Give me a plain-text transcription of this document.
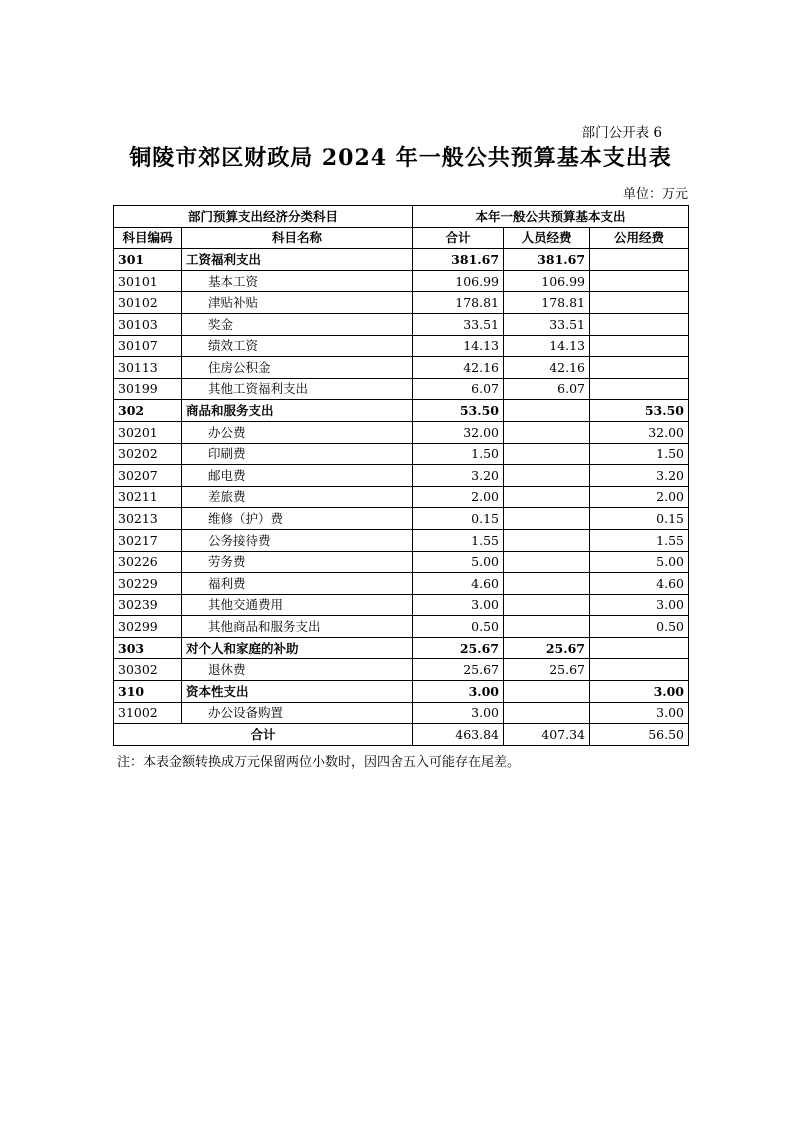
部门公开表 6
铜陵市郊区财政局 2024 年一般公共预算基本支出表
单位：万元
部门预算支出经济分类科目		本年一般公共预算基本支出		
科目编码	科目名称	合计	人员经费	公用经费
301	工资福利支出	381.67	381.67	
30101	基本工资	106.99	106.99	
30102	津贴补贴	178.81	178.81	
30103	奖金	33.51	33.51	
30107	绩效工资	14.13	14.13	
30113	住房公积金	42.16	42.16	
30199	其他工资福利支出	6.07	6.07	
302	商品和服务支出	53.50		53.50
30201	办公费	32.00		32.00
30202	印刷费	1.50		1.50
30207	邮电费	3.20		3.20
30211	差旅费	2.00		2.00
30213	维修（护）费	0.15		0.15
30217	公务接待费	1.55		1.55
30226	劳务费	5.00		5.00
30229	福利费	4.60		4.60
30239	其他交通费用	3.00		3.00
30299	其他商品和服务支出	0.50		0.50
303	对个人和家庭的补助	25.67	25.67	
30302	退休费	25.67	25.67	
310	资本性支出	3.00		3.00
31002	办公设备购置	3.00		3.00
合计		463.84	407.34	56.50
注：本表金额转换成万元保留两位小数时，因四舍五入可能存在尾差。
